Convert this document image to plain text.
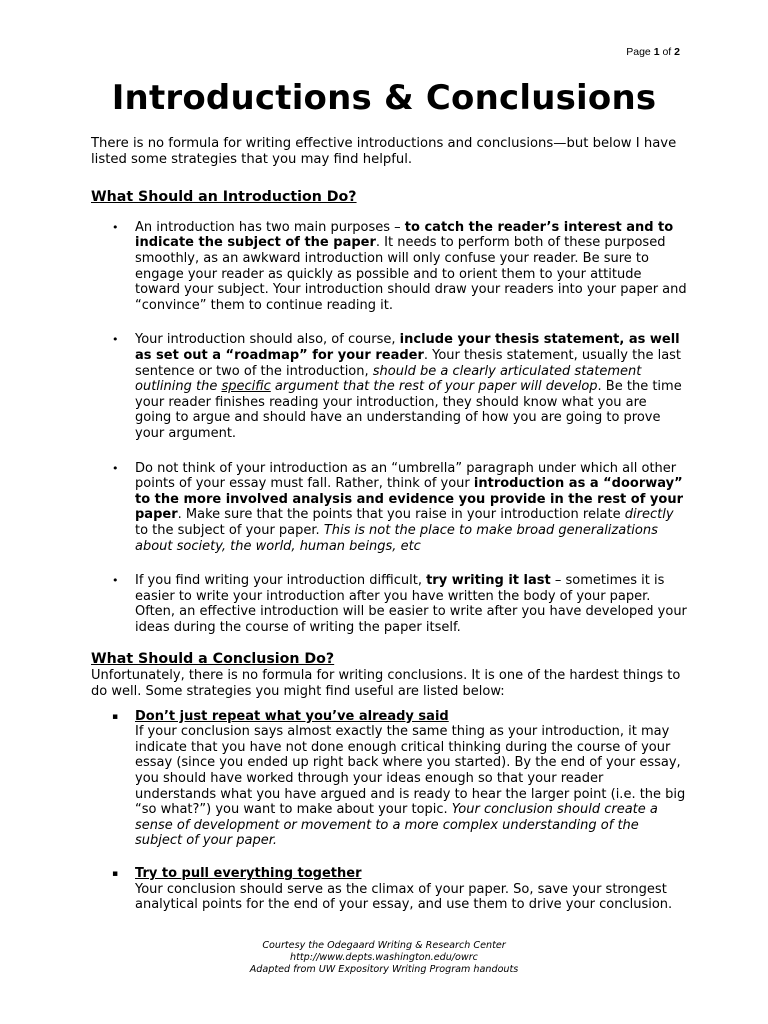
Page 1 of 2
Introductions & Conclusions

There is no formula for writing effective introductions and conclusions—but below I have listed some strategies that you may find helpful.

What Should an Introduction Do?
• An introduction has two main purposes – to catch the reader’s interest and to indicate the subject of the paper. It needs to perform both of these purposed smoothly, as an awkward introduction will only confuse your reader. Be sure to engage your reader as quickly as possible and to orient them to your attitude toward your subject. Your introduction should draw your readers into your paper and “convince” them to continue reading it.
• Your introduction should also, of course, include your thesis statement, as well as set out a “roadmap” for your reader. Your thesis statement, usually the last sentence or two of the introduction, should be a clearly articulated statement outlining the specific argument that the rest of your paper will develop. Be the time your reader finishes reading your introduction, they should know what you are going to argue and should have an understanding of how you are going to prove your argument.
• Do not think of your introduction as an “umbrella” paragraph under which all other points of your essay must fall. Rather, think of your introduction as a “doorway” to the more involved analysis and evidence you provide in the rest of your paper. Make sure that the points that you raise in your introduction relate directly to the subject of your paper. This is not the place to make broad generalizations about society, the world, human beings, etc
• If you find writing your introduction difficult, try writing it last – sometimes it is easier to write your introduction after you have written the body of your paper. Often, an effective introduction will be easier to write after you have developed your ideas during the course of writing the paper itself.
What Should a Conclusion Do?

Unfortunately, there is no formula for writing conclusions. It is one of the hardest things to do well. Some strategies you might find useful are listed below:

▪ Don’t just repeat what you’ve already said
If your conclusion says almost exactly the same thing as your introduction, it may indicate that you have not done enough critical thinking during the course of your essay (since you ended up right back where you started). By the end of your essay, you should have worked through your ideas enough so that your reader understands what you have argued and is ready to hear the larger point (i.e. the big “so what?”) you want to make about your topic. Your conclusion should create a sense of development or movement to a more complex understanding of the subject of your paper.
▪ Try to pull everything together
Your conclusion should serve as the climax of your paper. So, save your strongest analytical points for the end of your essay, and use them to drive your conclusion.
Courtesy the Odegaard Writing & Research Center
http://www.depts.washington.edu/owrc
Adapted from UW Expository Writing Program handouts
